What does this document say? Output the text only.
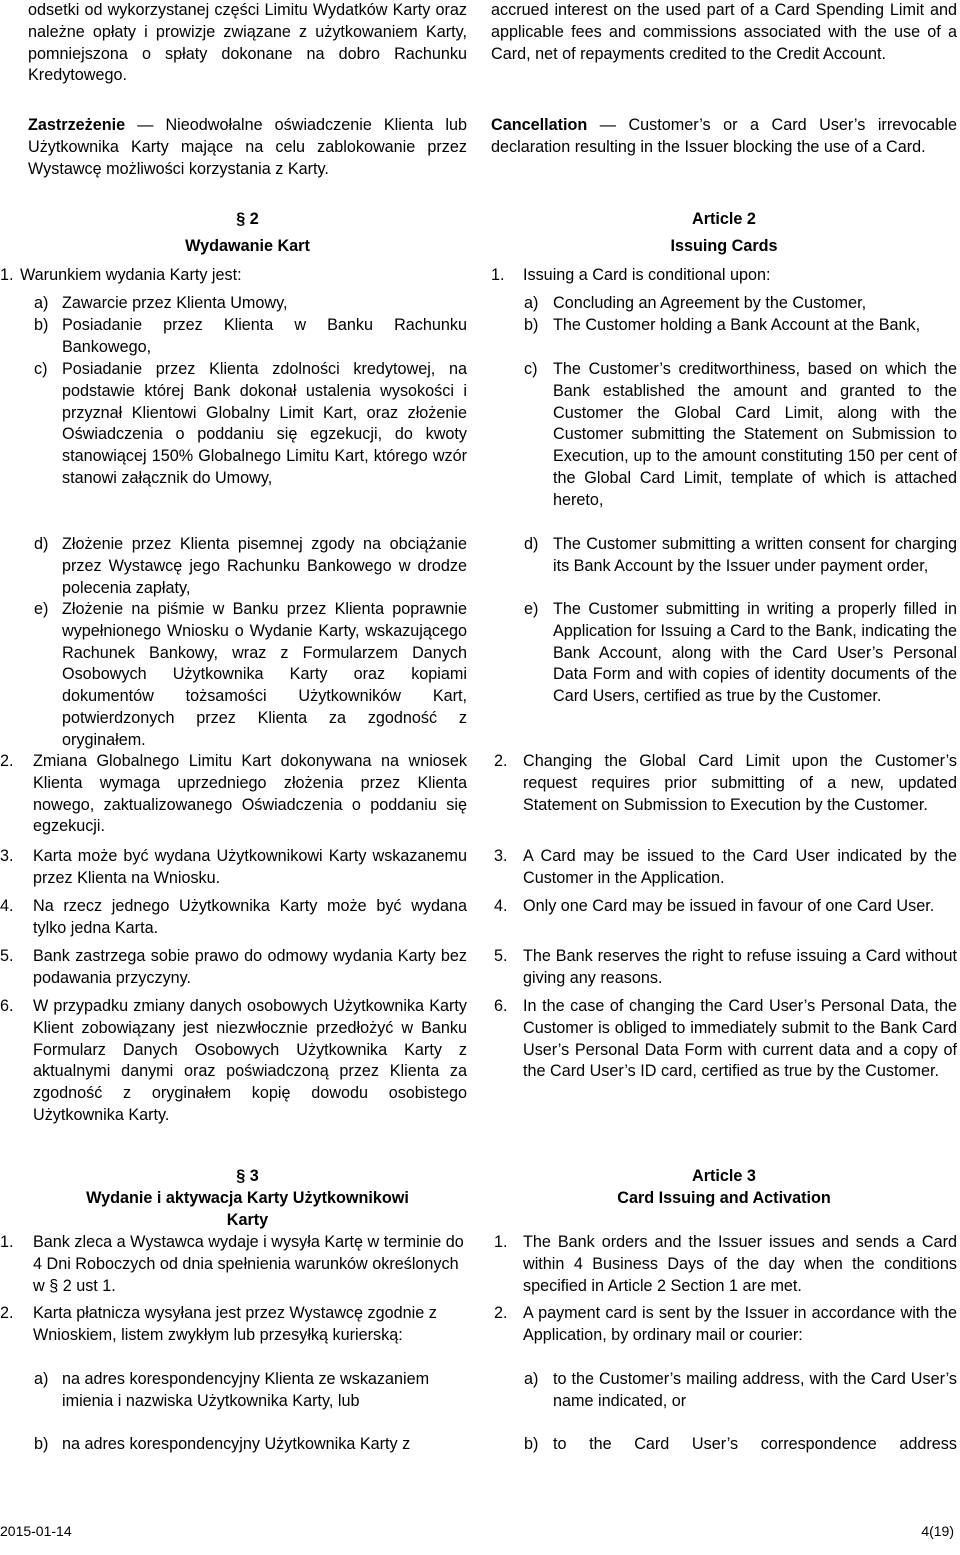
odsetki od wykorzystanej części Limitu Wydatków Karty oraz należne opłaty i prowizje związane z użytkowaniem Karty, pomniejszona o spłaty dokonane na dobro Rachunku Kredytowego.

Zastrzeżenie — Nieodwołalne oświadczenie Klienta lub Użytkownika Karty mające na celu zablokowanie przez Wystawcę możliwości korzystania z Karty.

§ 2
Wydawanie Kart
1. Warunkiem wydania Karty jest:
a) Zawarcie przez Klienta Umowy,
b) Posiadanie przez Klienta w Banku Rachunku Bankowego,
c) Posiadanie przez Klienta zdolności kredytowej, na podstawie której Bank dokonał ustalenia wysokości i przyznał Klientowi Globalny Limit Kart, oraz złożenie Oświadczenia o poddaniu się egzekucji, do kwoty stanowiącej 150% Globalnego Limitu Kart, którego wzór stanowi załącznik do Umowy,
d) Złożenie przez Klienta pisemnej zgody na obciążanie przez Wystawcę jego Rachunku Bankowego w drodze polecenia zapłaty,
e) Złożenie na piśmie w Banku przez Klienta poprawnie wypełnionego Wniosku o Wydanie Karty, wskazującego Rachunek Bankowy, wraz z Formularzem Danych Osobowych Użytkownika Karty oraz kopiami dokumentów tożsamości Użytkowników Kart, potwierdzonych przez Klienta za zgodność z oryginałem.
2. Zmiana Globalnego Limitu Kart dokonywana na wniosek Klienta wymaga uprzedniego złożenia przez Klienta nowego, zaktualizowanego Oświadczenia o poddaniu się egzekucji.
3. Karta może być wydana Użytkownikowi Karty wskazanemu przez Klienta na Wniosku.
4. Na rzecz jednego Użytkownika Karty może być wydana tylko jedna Karta.
5. Bank zastrzega sobie prawo do odmowy wydania Karty bez podawania przyczyny.
6. W przypadku zmiany danych osobowych Użytkownika Karty Klient zobowiązany jest niezwłocznie przedłożyć w Banku Formularz Danych Osobowych Użytkownika Karty z aktualnymi danymi oraz poświadczoną przez Klienta za zgodność z oryginałem kopię dowodu osobistego Użytkownika Karty.
§ 3
Wydanie i aktywacja Karty Użytkownikowi
Karty
1. Bank zleca a Wystawca wydaje i wysyła Kartę w terminie do 4 Dni Roboczych od dnia spełnienia warunków określonych w § 2 ust 1.
2. Karta płatnicza wysyłana jest przez Wystawcę zgodnie z Wnioskiem, listem zwykłym lub przesyłką kurierską:
a) na adres korespondencyjny Klienta ze wskazaniem imienia i nazwiska Użytkownika Karty, lub
b) na adres korespondencyjny Użytkownika Karty z

accrued interest on the used part of a Card Spending Limit and applicable fees and commissions associated with the use of a Card, net of repayments credited to the Credit Account.

Cancellation — Customer’s or a Card User’s irrevocable declaration resulting in the Issuer blocking the use of a Card.

Article 2
Issuing Cards
1. Issuing a Card is conditional upon:
a) Concluding an Agreement by the Customer,
b) The Customer holding a Bank Account at the Bank,
c) The Customer’s creditworthiness, based on which the Bank established the amount and granted to the Customer the Global Card Limit, along with the Customer submitting the Statement on Submission to Execution, up to the amount constituting 150 per cent of the Global Card Limit, template of which is attached hereto,
d) The Customer submitting a written consent for charging its Bank Account by the Issuer under payment order,
e) The Customer submitting in writing a properly filled in Application for Issuing a Card to the Bank, indicating the Bank Account, along with the Card User’s Personal Data Form and with copies of identity documents of the Card Users, certified as true by the Customer.
2. Changing the Global Card Limit upon the Customer’s request requires prior submitting of a new, updated Statement on Submission to Execution by the Customer.
3. A Card may be issued to the Card User indicated by the Customer in the Application.
4. Only one Card may be issued in favour of one Card User.
5. The Bank reserves the right to refuse issuing a Card without giving any reasons.
6. In the case of changing the Card User’s Personal Data, the Customer is obliged to immediately submit to the Bank Card User’s Personal Data Form with current data and a copy of the Card User’s ID card, certified as true by the Customer.
Article 3
Card Issuing and Activation
1. The Bank orders and the Issuer issues and sends a Card within 4 Business Days of the day when the conditions specified in Article 2 Section 1 are met.
2. A payment card is sent by the Issuer in accordance with the Application, by ordinary mail or courier:
a) to the Customer’s mailing address, with the Card User’s name indicated, or
b) to the Card User’s correspondence address
2015-01-14	4(19)
